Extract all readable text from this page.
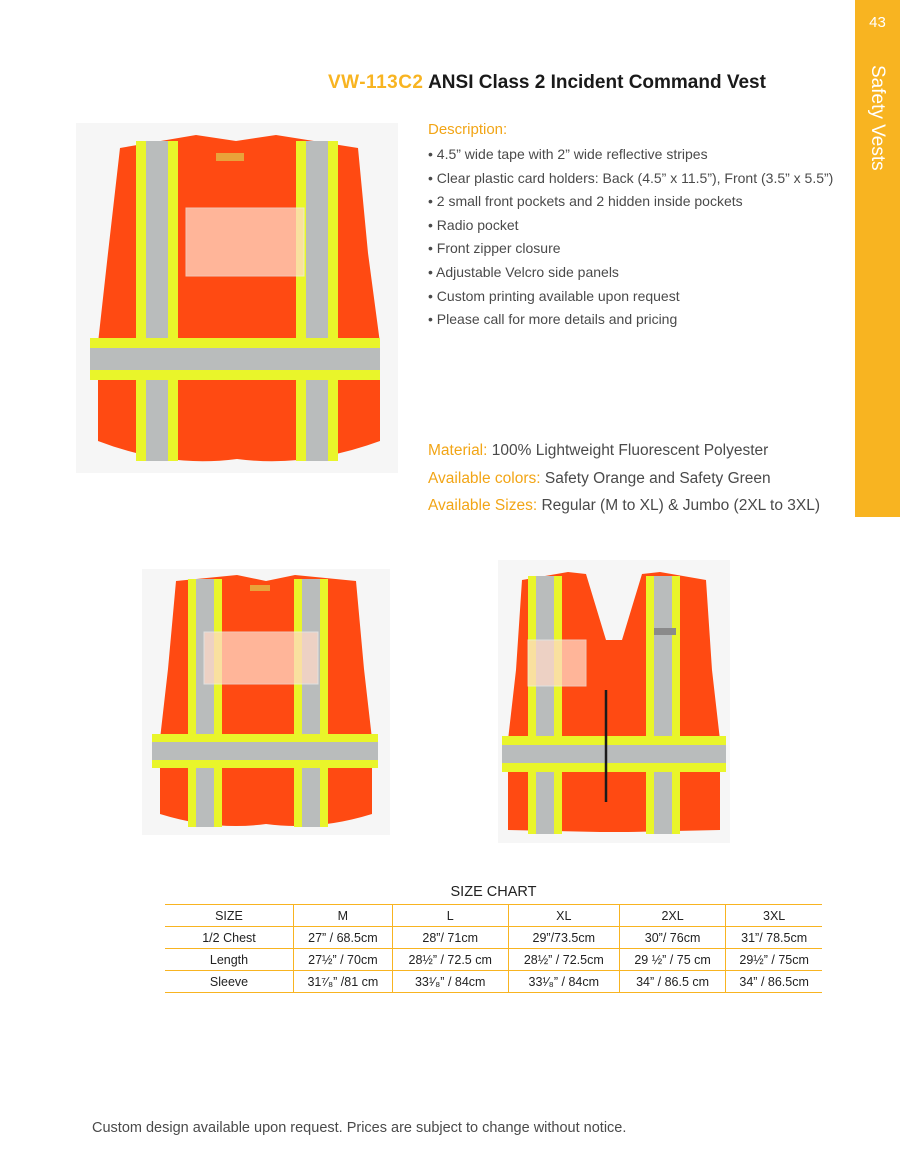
43
Safety Vests
VW-113C2 ANSI Class 2 Incident Command Vest
Description:
• 4.5” wide tape with 2” wide reflective stripes
• Clear plastic card holders: Back (4.5” x 11.5”), Front (3.5” x 5.5”)
• 2 small front pockets and 2 hidden inside pockets
• Radio pocket
• Front zipper closure
• Adjustable Velcro side panels
• Custom printing available upon request
• Please call for more details and pricing
Material: 100% Lightweight Fluorescent Polyester
Available colors: Safety Orange and Safety Green
Available Sizes: Regular (M to XL) & Jumbo (2XL to 3XL)
SIZE CHART
SIZE	M	L	XL	2XL	3XL
1/2 Chest	27” / 68.5cm	28”/ 71cm	29”/73.5cm	30”/ 76cm	31”/ 78.5cm
Length	27½” / 70cm	28½” / 72.5 cm	28½” / 72.5cm	29 ½” / 75 cm	29½” / 75cm
Sleeve	31⁷⁄₈” /81 cm	33¹⁄₈” / 84cm	33¹⁄₈” / 84cm	34” / 86.5 cm	34” / 86.5cm
Custom design available upon request. Prices are subject to change without notice.
